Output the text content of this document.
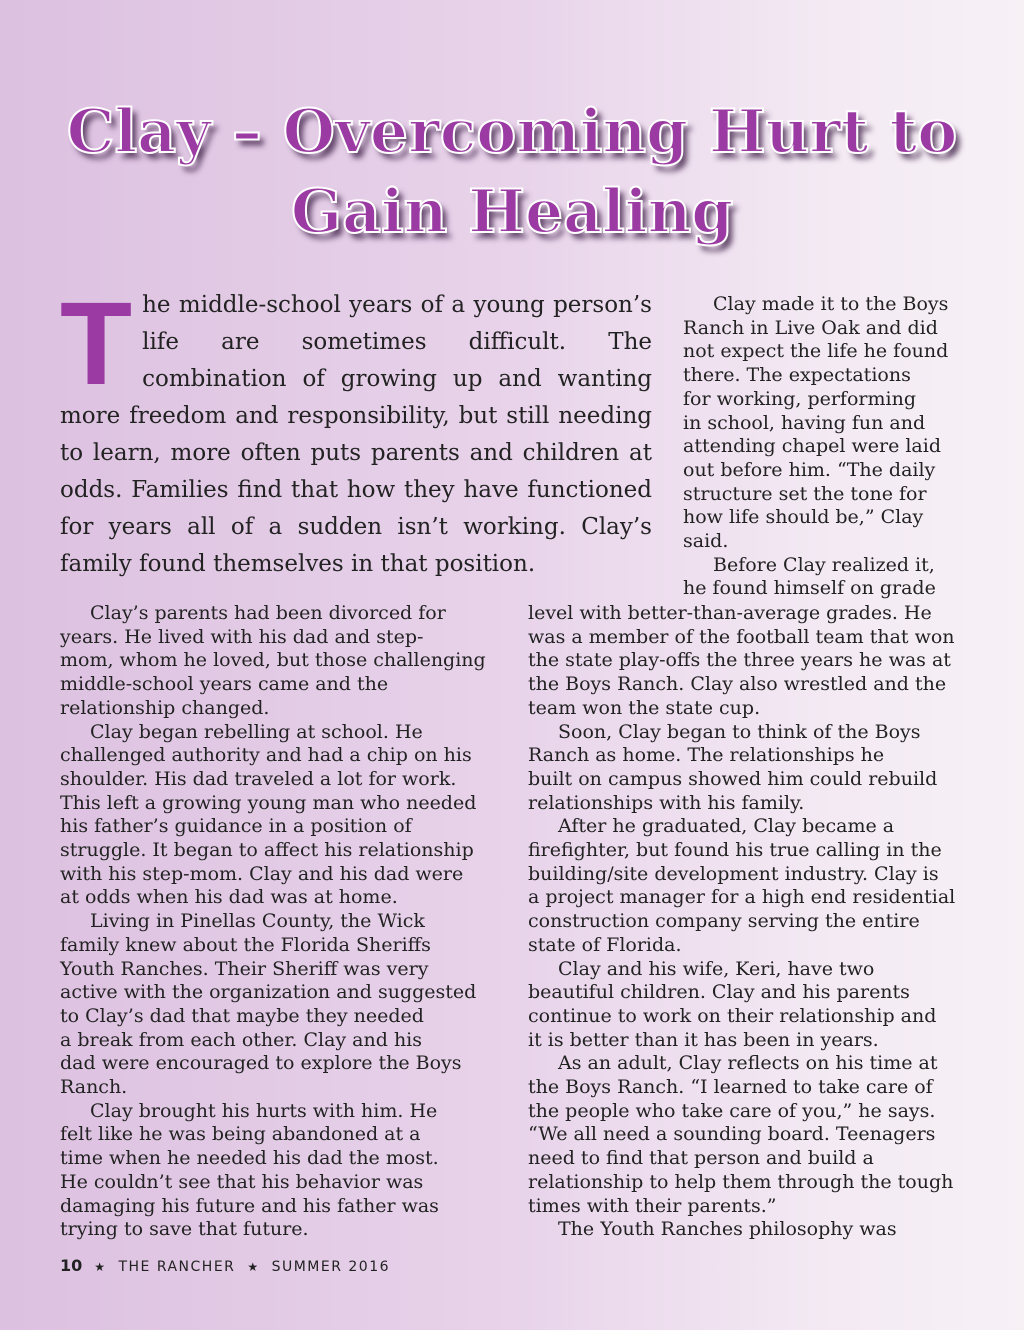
Clay – Overcoming Hurt to
Gain Healing
The middle-school years of a young person’s life are sometimes difficult. The combination of growing up and wanting more freedom and responsibility, but still needing to learn, more often puts parents and children at odds. Families find that how they have functioned for years all of a sudden isn’t working. Clay’s family found themselves in that position.
Clay made it to the Boys
Ranch in Live Oak and did
not expect the life he found
there. The expectations
for working, performing
in school, having fun and
attending chapel were laid
out before him. “The daily
structure set the tone for
how life should be,” Clay
said.
Before Clay realized it,
he found himself on grade
Clay’s parents had been divorced for
years. He lived with his dad and step-
mom, whom he loved, but those challenging
middle-school years came and the
relationship changed.
Clay began rebelling at school. He
challenged authority and had a chip on his
shoulder. His dad traveled a lot for work.
This left a growing young man who needed
his father’s guidance in a position of
struggle. It began to affect his relationship
with his step-mom. Clay and his dad were
at odds when his dad was at home.
Living in Pinellas County, the Wick
family knew about the Florida Sheriffs
Youth Ranches. Their Sheriff was very
active with the organization and suggested
to Clay’s dad that maybe they needed
a break from each other. Clay and his
dad were encouraged to explore the Boys
Ranch.
Clay brought his hurts with him. He
felt like he was being abandoned at a
time when he needed his dad the most.
He couldn’t see that his behavior was
damaging his future and his father was
trying to save that future.
level with better-than-average grades. He
was a member of the football team that won
the state play-offs the three years he was at
the Boys Ranch. Clay also wrestled and the
team won the state cup.
Soon, Clay began to think of the Boys
Ranch as home. The relationships he
built on campus showed him could rebuild
relationships with his family.
After he graduated, Clay became a
firefighter, but found his true calling in the
building/site development industry. Clay is
a project manager for a high end residential
construction company serving the entire
state of Florida.
Clay and his wife, Keri, have two
beautiful children. Clay and his parents
continue to work on their relationship and
it is better than it has been in years.
As an adult, Clay reflects on his time at
the Boys Ranch. “I learned to take care of
the people who take care of you,” he says.
“We all need a sounding board. Teenagers
need to find that person and build a
relationship to help them through the tough
times with their parents.”
The Youth Ranches philosophy was
10 ★ THE RANCHER ★ SUMMER 2016
